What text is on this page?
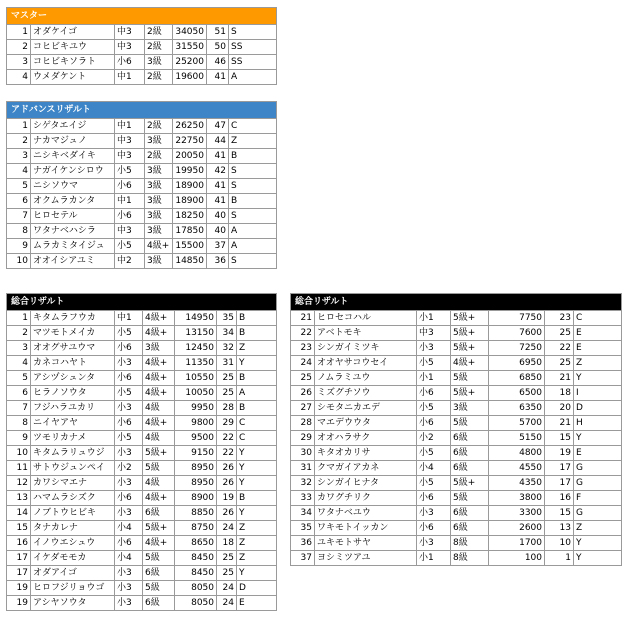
マスター						
1	オダケイゴ	中3	2級	34050	51	S
2	コヒビキユウ	中3	2級	31550	50	SS
3	コヒビキソラト	小6	3級	25200	46	SS
4	ウメダケント	中1	2級	19600	41	A
アドバンスリザルト						
1	シゲタエイジ	中1	2級	26250	47	C
2	ナカマジュノ	中3	3級	22750	44	Z
3	ニシキベダイキ	中3	2級	20050	41	B
4	ナガイケンシロウ	小5	3級	19950	42	S
5	ニシソウマ	小6	3級	18900	41	S
6	オクムラカンタ	中1	3級	18900	41	B
7	ヒロセテル	小6	3級	18250	40	S
8	ワタナベハシラ	中3	3級	17850	40	A
9	ムラカミタイジュ	小5	4級+	15500	37	A
10	オオイシアユミ	中2	3級	14850	36	S
総合リザルト						
1	キタムラフウカ	中1	4級+	14950	35	B
2	マツモトメイカ	小5	4級+	13150	34	B
3	オオグサユウマ	小6	3級	12450	32	Z
4	カネコハヤト	小3	4級+	11350	31	Y
5	アシヅシュンタ	小6	4級+	10550	25	B
6	ヒラノソウタ	小5	4級+	10050	25	A
7	フジハラユカリ	小3	4級	9950	28	B
8	ニイヤアヤ	小6	4級+	9800	29	C
9	ツモリカナメ	小5	4級	9500	22	C
10	キタムラリュウジ	小3	5級+	9150	22	Y
11	サトウジュンペイ	小2	5級	8950	26	Y
12	カワシマエナ	小3	4級	8950	26	Y
13	ハマムラシズク	小6	4級+	8900	19	B
14	ノブトウヒビキ	小3	6級	8850	26	Y
15	タナカレナ	小4	5級+	8750	24	Z
16	イノウエシュウ	小6	4級+	8650	18	Z
17	イケダモモカ	小4	5級	8450	25	Z
17	オダアイゴ	小3	6級	8450	25	Y
19	ヒロフジリョウゴ	小3	5級	8050	24	D
19	アシヤソウタ	小3	6級	8050	24	E
総合リザルト						
21	ヒロセコハル	小1	5級+	7750	23	C
22	アベトモキ	中3	5級+	7600	25	E
23	シンガイミツキ	小3	5級+	7250	22	E
24	オオヤサコウセイ	小5	4級+	6950	25	Z
25	ノムラミユウ	小1	5級	6850	21	Y
26	ミズグチソウ	小6	5級+	6500	18	I
27	シモタニカエデ	小5	3級	6350	20	D
28	マエデウウタ	小6	5級	5700	21	H
29	オオハラサク	小2	6級	5150	15	Y
30	キタオカリサ	小5	6級	4800	19	E
31	クマガイアカネ	小4	6級	4550	17	G
32	シンガイヒナタ	小5	5級+	4350	17	G
33	カワグチリク	小6	5級	3800	16	F
34	ワタナベユウ	小3	6級	3300	15	G
35	ワキモトイッカン	小6	6級	2600	13	Z
36	ユキモトサヤ	小3	8級	1700	10	Y
37	ヨシミツアユ	小1	8級	100	1	Y
